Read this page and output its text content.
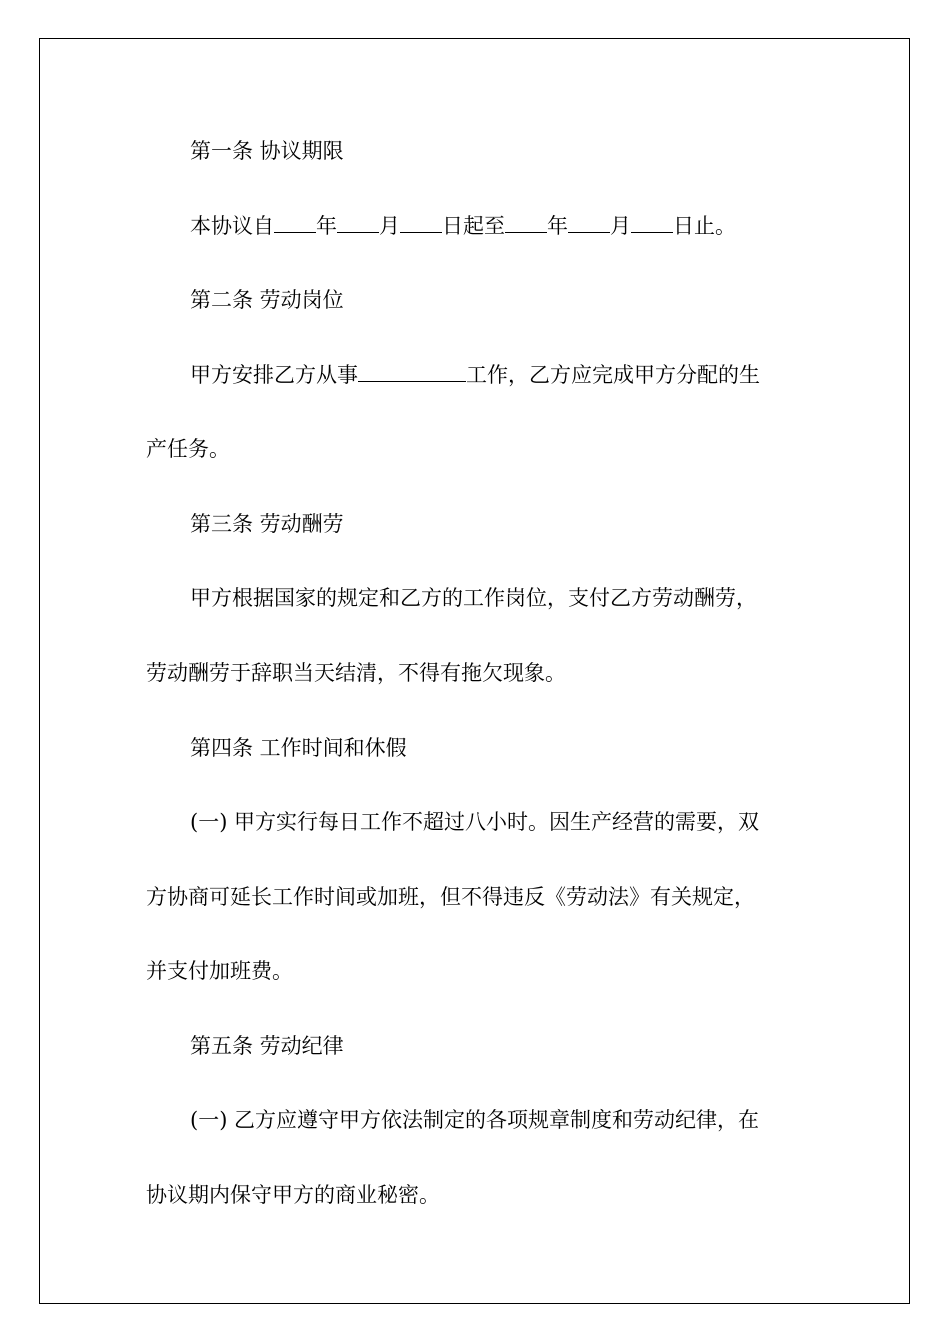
第一条 协议期限
本协议自 年 月 日起至 年 月 日止。
第二条 劳动岗位
甲方安排乙方从事	工作，乙方应完成甲方分配的生
产任务。
第三条 劳动酬劳
甲方根据国家的规定和乙方的工作岗位，支付乙方劳动酬劳，
劳动酬劳于辞职当天结清，不得有拖欠现象。
第四条 工作时间和休假
(一) 甲方实行每日工作不超过八小时。因生产经营的需要，双
方协商可延长工作时间或加班，但不得违反《劳动法》有关规定，
并支付加班费。
第五条 劳动纪律
(一) 乙方应遵守甲方依法制定的各项规章制度和劳动纪律，在
协议期内保守甲方的商业秘密。
